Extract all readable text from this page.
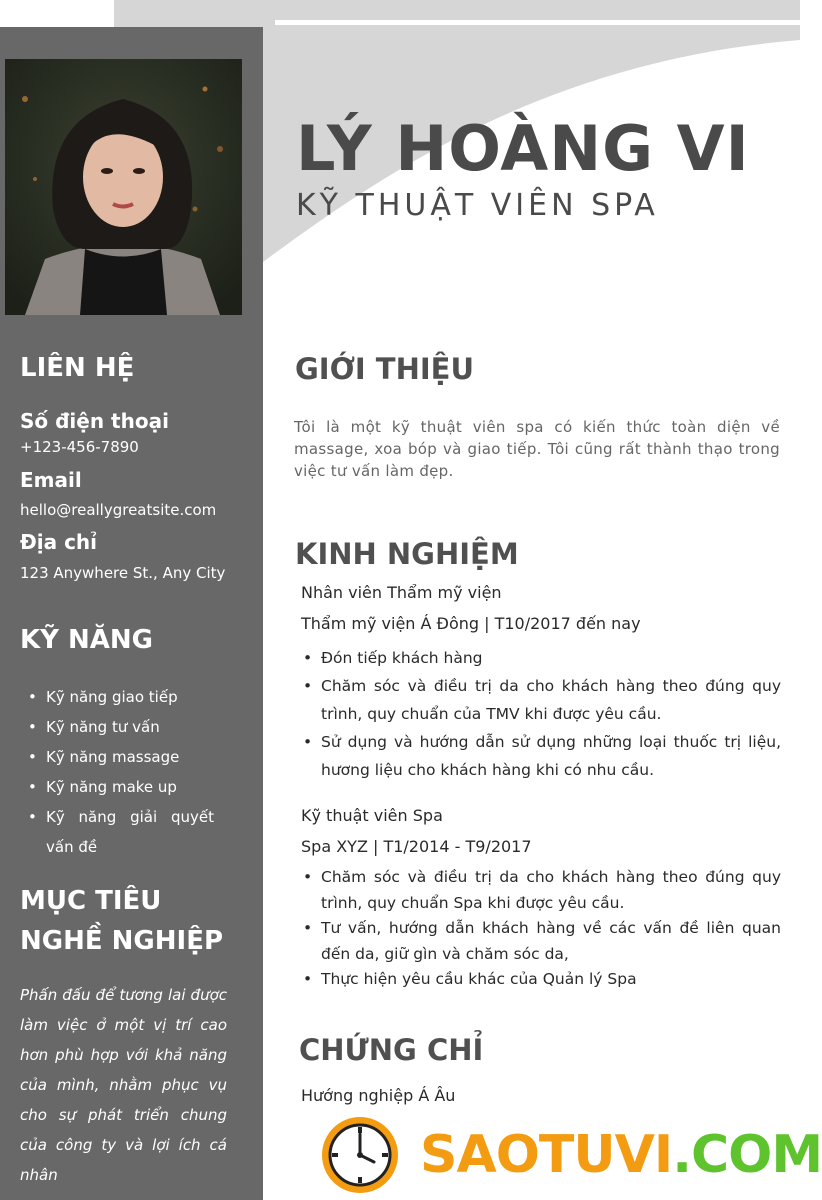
LÝ HOÀNG VI
KỸ THUẬT VIÊN SPA
LIÊN HỆ
Số điện thoại
+123-456-7890
Email
hello@reallygreatsite.com
Địa chỉ
123 Anywhere St., Any City
KỸ NĂNG
• Kỹ năng giao tiếp
• Kỹ năng tư vấn
• Kỹ năng massage
• Kỹ năng make up
• Kỹ năng giải quyết vấn đề
MỤC TIÊU
NGHỀ NGHIỆP
Phấn đấu để tương lai được làm việc ở một vị trí cao hơn phù hợp với khả năng của mình, nhằm phục vụ cho sự phát triển chung của công ty và lợi ích cá nhân
GIỚI THIỆU
Tôi là một kỹ thuật viên spa có kiến thức toàn diện về massage, xoa bóp và giao tiếp. Tôi cũng rất thành thạo trong việc tư vấn làm đẹp.
KINH NGHIỆM
Nhân viên Thẩm mỹ viện
Thẩm mỹ viện Á Đông | T10/2017 đến nay
• Đón tiếp khách hàng
• Chăm sóc và điều trị da cho khách hàng theo đúng quy trình, quy chuẩn của TMV khi được yêu cầu.
• Sử dụng và hướng dẫn sử dụng những loại thuốc trị liệu, hương liệu cho khách hàng khi có nhu cầu.
Kỹ thuật viên Spa
Spa XYZ | T1/2014 - T9/2017
• Chăm sóc và điều trị da cho khách hàng theo đúng quy trình, quy chuẩn Spa khi được yêu cầu.
• Tư vấn, hướng dẫn khách hàng về các vấn đề liên quan đến da, giữ gìn và chăm sóc da,
• Thực hiện yêu cầu khác của Quản lý Spa
CHỨNG CHỈ
Hướng nghiệp Á Âu
SAOTUVI.COM
